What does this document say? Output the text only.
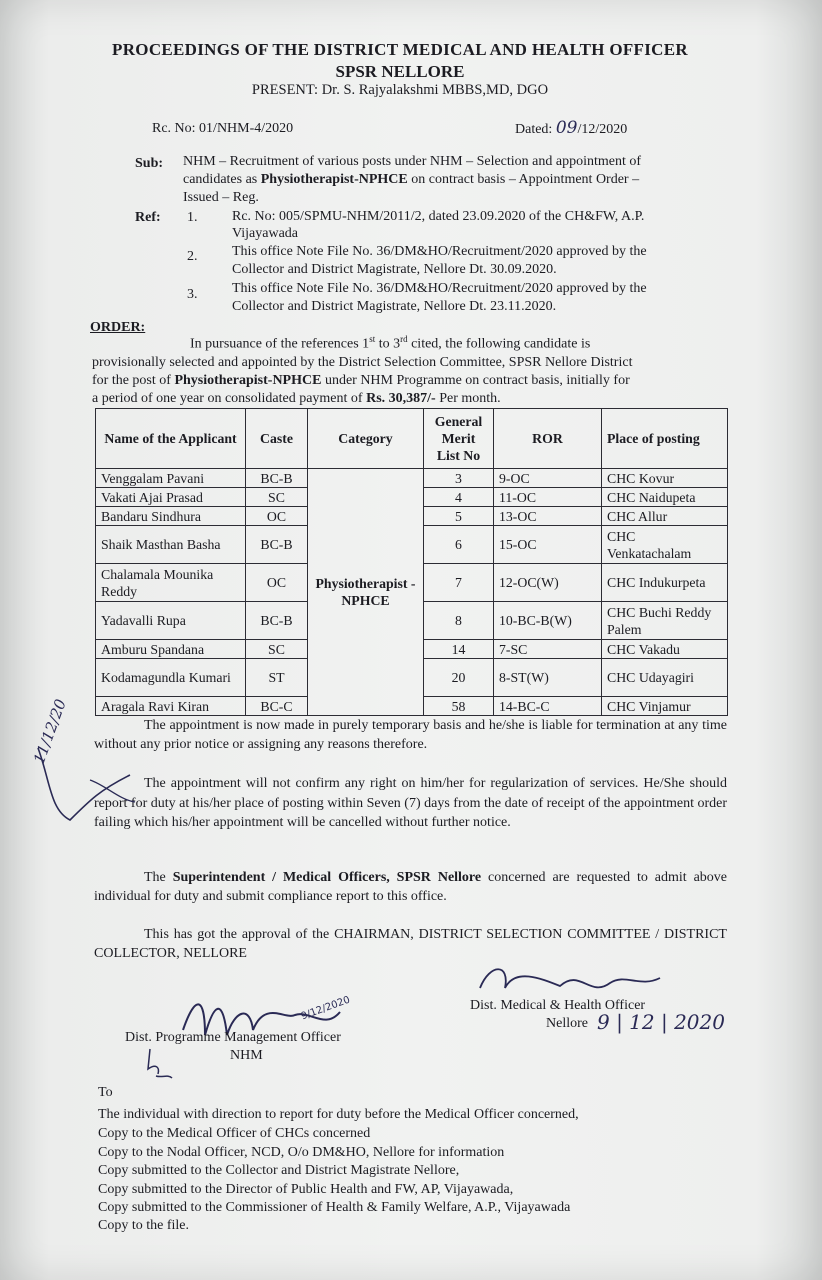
PROCEEDINGS OF THE DISTRICT MEDICAL AND HEALTH OFFICER
SPSR NELLORE
PRESENT: Dr. S. Rajyalakshmi MBBS,MD, DGO
Rc. No: 01/NHM-4/2020	Dated: 09/12/2020
Sub: NHM – Recruitment of various posts under NHM – Selection and appointment of
candidates as Physiotherapist-NPHCE on contract basis – Appointment Order –
Issued – Reg.
Ref: 1. Rc. No: 005/SPMU-NHM/2011/2, dated 23.09.2020 of the CH&FW, A.P.
Vijayawada
2. This office Note File No. 36/DM&HO/Recruitment/2020 approved by the
Collector and District Magistrate, Nellore Dt. 30.09.2020.
3. This office Note File No. 36/DM&HO/Recruitment/2020 approved by the
Collector and District Magistrate, Nellore Dt. 23.11.2020.
ORDER:
In pursuance of the references 1st to 3rd cited, the following candidate is
provisionally selected and appointed by the District Selection Committee, SPSR Nellore District
for the post of Physiotherapist-NPHCE under NHM Programme on contract basis, initially for
a period of one year on consolidated payment of Rs. 30,387/- Per month.
Name of the Applicant	Caste	Category	General Merit List No	ROR	Place of posting
Venggalam Pavani	BC-B	Physiotherapist -NPHCE	3	9-OC	CHC Kovur
Vakati Ajai Prasad	SC		4	11-OC	CHC Naidupeta
Bandaru Sindhura	OC		5	13-OC	CHC Allur
Shaik Masthan Basha	BC-B		6	15-OC	CHC Venkatachalam
Chalamala Mounika Reddy	OC		7	12-OC(W)	CHC Indukurpeta
Yadavalli Rupa	BC-B		8	10-BC-B(W)	CHC Buchi Reddy Palem
Amburu Spandana	SC		14	7-SC	CHC Vakadu
Kodamagundla Kumari	ST		20	8-ST(W)	CHC Udayagiri
Aragala Ravi Kiran	BC-C		58	14-BC-C	CHC Vinjamur
The appointment is now made in purely temporary basis and he/she is liable for termination at any time without any prior notice or assigning any reasons therefore.
The appointment will not confirm any right on him/her for regularization of services. He/She should report for duty at his/her place of posting within Seven (7) days from the date of receipt of the appointment order failing which his/her appointment will be cancelled without further notice.
The Superintendent / Medical Officers, SPSR Nellore concerned are requested to admit above individual for duty and submit compliance report to this office.
This has got the approval of the CHAIRMAN, DISTRICT SELECTION COMMITTEE / DISTRICT COLLECTOR, NELLORE
11/12/20
9/12/2020
Dist. Programme Management Officer
NHM
Dist. Medical & Health Officer
Nellore 9 | 12 | 2020
To
The individual with direction to report for duty before the Medical Officer concerned,
Copy to the Medical Officer of CHCs concerned
Copy to the Nodal Officer, NCD, O/o DM&HO, Nellore for information
Copy submitted to the Collector and District Magistrate Nellore,
Copy submitted to the Director of Public Health and FW, AP, Vijayawada,
Copy submitted to the Commissioner of Health & Family Welfare, A.P., Vijayawada
Copy to the file.
